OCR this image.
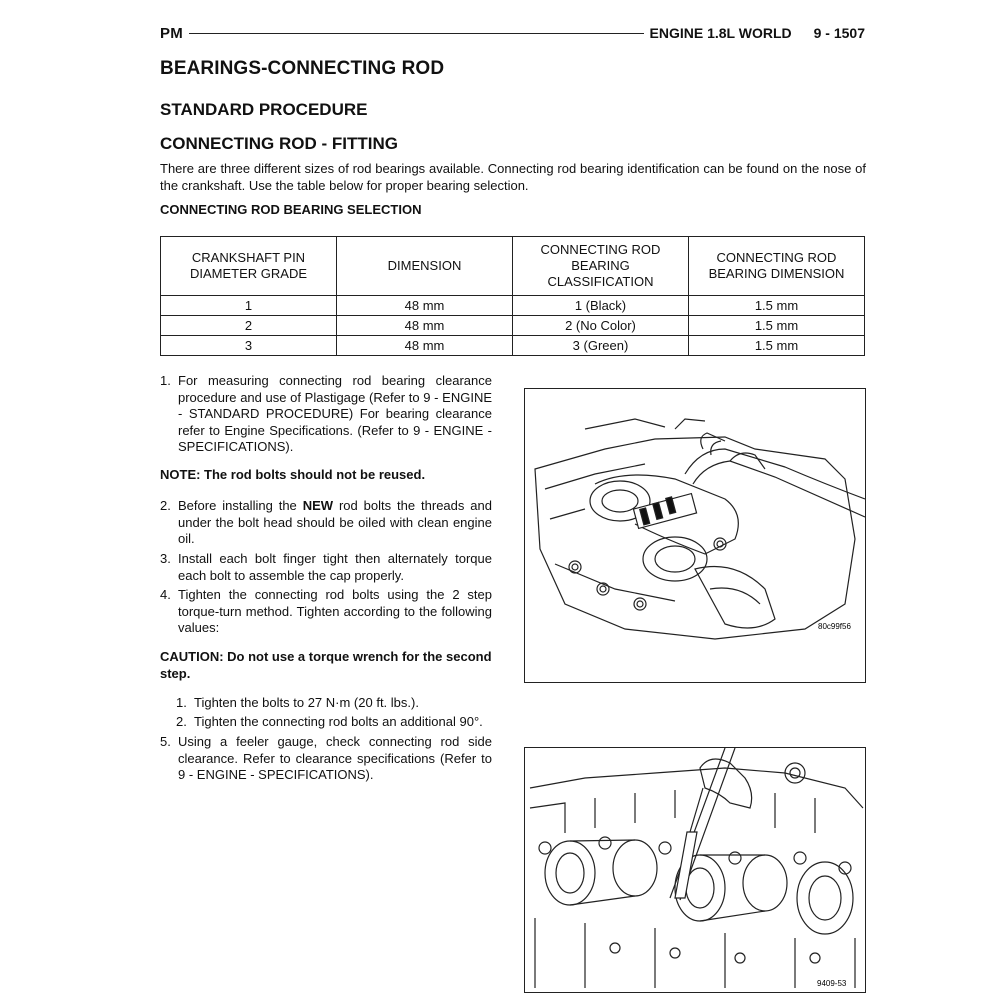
PM	ENGINE 1.8L WORLD 9 - 1507
BEARINGS-CONNECTING ROD
STANDARD PROCEDURE
CONNECTING ROD - FITTING
There are three different sizes of rod bearings available. Connecting rod bearing identification can be found on the nose of the crankshaft. Use the table below for proper bearing selection.
CONNECTING ROD BEARING SELECTION
CRANKSHAFT PIN DIAMETER GRADE	DIMENSION	CONNECTING ROD BEARING CLASSIFICATION	CONNECTING ROD BEARING DIMENSION
1	48 mm	1 (Black)	1.5 mm
2	48 mm	2 (No Color)	1.5 mm
3	48 mm	3 (Green)	1.5 mm
1. For measuring connecting rod bearing clearance procedure and use of Plastigage (Refer to 9 - ENGINE - STANDARD PROCEDURE) For bearing clearance refer to Engine Specifications. (Refer to 9 - ENGINE - SPECIFICATIONS).
NOTE: The rod bolts should not be reused.
2. Before installing the NEW rod bolts the threads and under the bolt head should be oiled with clean engine oil.
3. Install each bolt finger tight then alternately torque each bolt to assemble the cap properly.
4. Tighten the connecting rod bolts using the 2 step torque-turn method. Tighten according to the following values:
CAUTION: Do not use a torque wrench for the second step.
1. Tighten the bolts to 27 N·m (20 ft. lbs.).
2. Tighten the connecting rod bolts an additional 90°.
5. Using a feeler gauge, check connecting rod side clearance. Refer to clearance specifications (Refer to 9 - ENGINE - SPECIFICATIONS).
80c99f56
9409-53
